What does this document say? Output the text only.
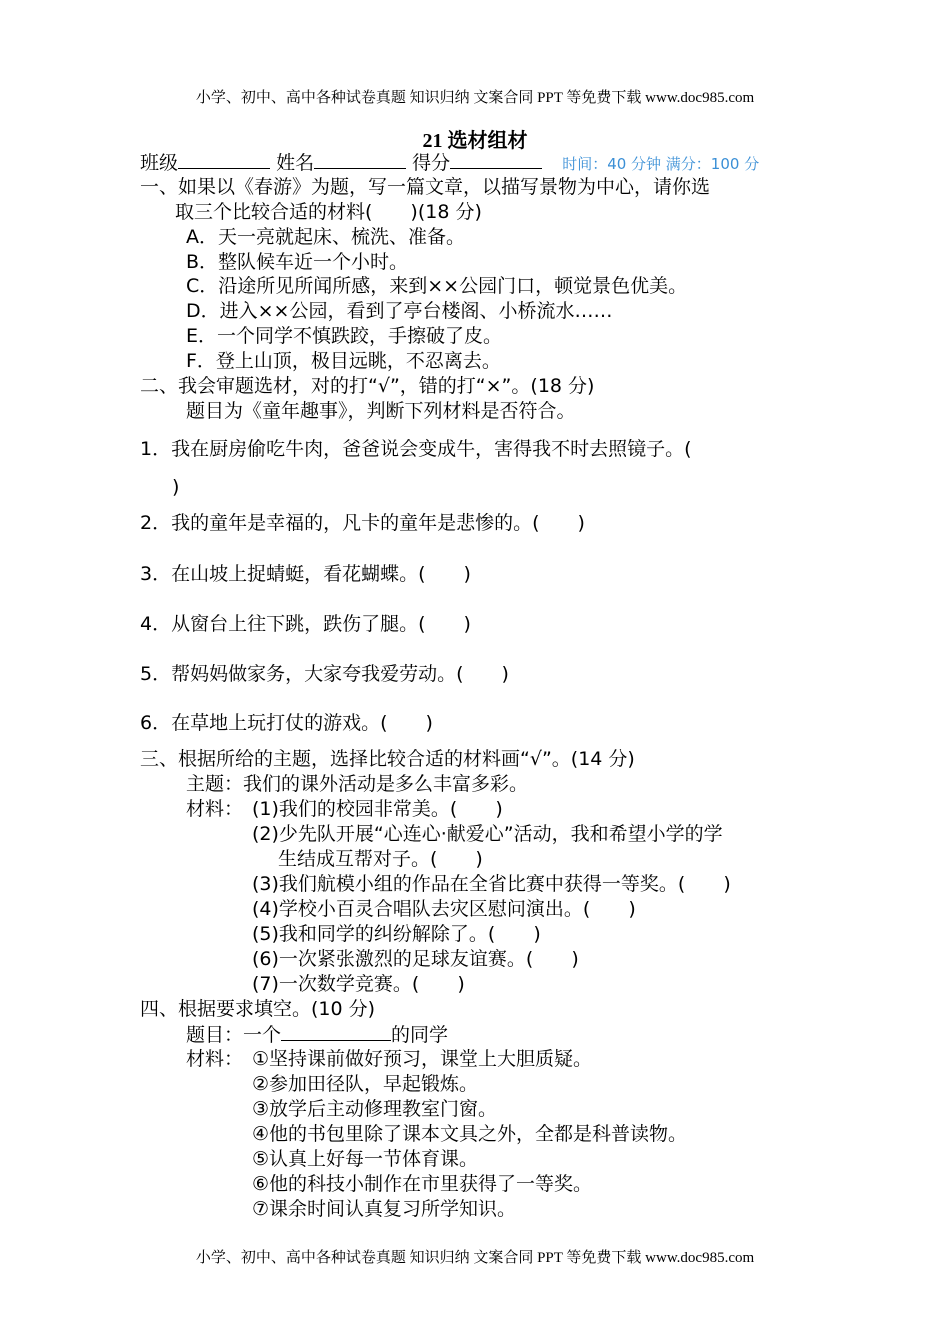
小学、初中、高中各种试卷真题 知识归纳 文案合同 PPT 等免费下载 www.doc985.com
21 选材组材
班级	姓名	得分	时间：40 分钟 满分：100 分
一、如果以《春游》为题，写一篇文章，以描写景物为中心，请你选
取三个比较合适的材料(　　)(18 分)
A．天一亮就起床、梳洗、准备。
B．整队候车近一个小时。
C．沿途所见所闻所感，来到××公园门口，顿觉景色优美。
D．进入××公园，看到了亭台楼阁、小桥流水……
E．一个同学不慎跌跤，手擦破了皮。
F．登上山顶，极目远眺，不忍离去。
二、我会审题选材，对的打“√”，错的打“×”。(18 分)
题目为《童年趣事》，判断下列材料是否符合。
1．我在厨房偷吃牛肉，爸爸说会变成牛，害得我不时去照镜子。(
)
2．我的童年是幸福的，凡卡的童年是悲惨的。(　　)
3．在山坡上捉蜻蜓，看花蝴蝶。(　　)
4．从窗台上往下跳，跌伤了腿。(　　)
5．帮妈妈做家务，大家夸我爱劳动。(　　)
6．在草地上玩打仗的游戏。(　　)
三、根据所给的主题，选择比较合适的材料画“√”。(14 分)
主题：我们的课外活动是多么丰富多彩。
材料： (1)我们的校园非常美。(　　)
(2)少先队开展“心连心·献爱心”活动，我和希望小学的学
生结成互帮对子。(　　)
(3)我们航模小组的作品在全省比赛中获得一等奖。(　　)
(4)学校小百灵合唱队去灾区慰问演出。(　　)
(5)我和同学的纠纷解除了。(　　)
(6)一次紧张激烈的足球友谊赛。(　　)
(7)一次数学竞赛。(　　)
四、根据要求填空。(10 分)
题目：一个	的同学
材料： ①坚持课前做好预习，课堂上大胆质疑。
②参加田径队，早起锻炼。
③放学后主动修理教室门窗。
④他的书包里除了课本文具之外，全都是科普读物。
⑤认真上好每一节体育课。
⑥他的科技小制作在市里获得了一等奖。
⑦课余时间认真复习所学知识。
小学、初中、高中各种试卷真题 知识归纳 文案合同 PPT 等免费下载 www.doc985.com
